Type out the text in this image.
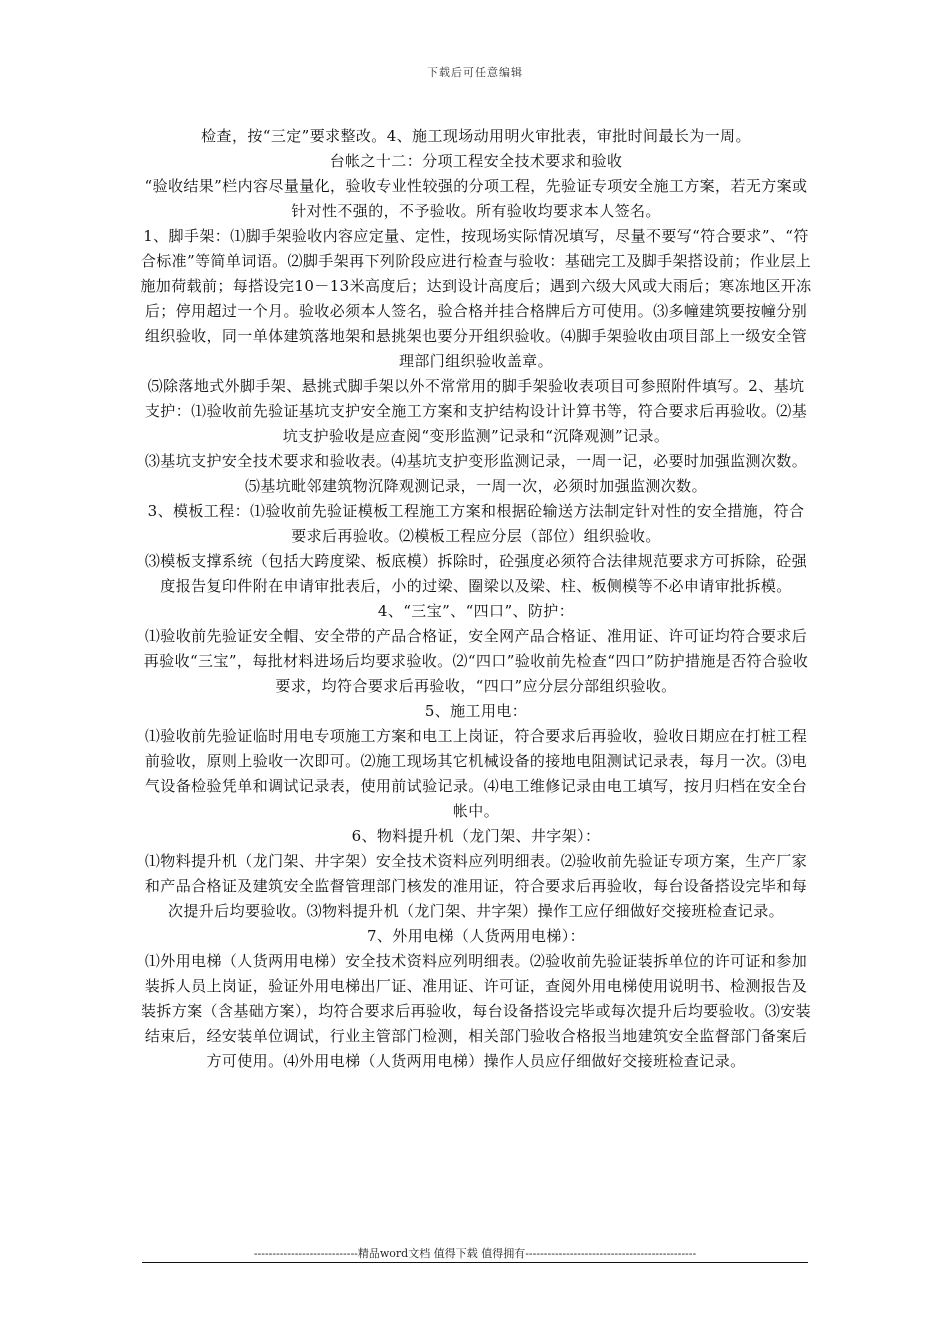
下载后可任意编辑

检查，按“三定”要求整改。4、施工现场动用明火审批表，审批时间最长为一周。

台帐之十二：分项工程安全技术要求和验收

“验收结果”栏内容尽量量化，验收专业性较强的分项工程，先验证专项安全施工方案，若无方案或针对性不强的，不予验收。所有验收均要求本人签名。

1、脚手架：⑴脚手架验收内容应定量、定性，按现场实际情况填写，尽量不要写“符合要求”、“符合标准”等简单词语。⑵脚手架再下列阶段应进行检查与验收：基础完工及脚手架搭设前；作业层上施加荷载前；每搭设完10－13米高度后；达到设计高度后；遇到六级大风或大雨后；寒冻地区开冻后；停用超过一个月。验收必须本人签名，验合格并挂合格牌后方可使用。⑶多幢建筑要按幢分别组织验收，同一单体建筑落地架和悬挑架也要分开组织验收。⑷脚手架验收由项目部上一级安全管理部门组织验收盖章。

⑸除落地式外脚手架、悬挑式脚手架以外不常常用的脚手架验收表项目可参照附件填写。2、基坑支护：⑴验收前先验证基坑支护安全施工方案和支护结构设计计算书等，符合要求后再验收。⑵基坑支护验收是应查阅“变形监测”记录和“沉降观测”记录。

⑶基坑支护安全技术要求和验收表。⑷基坑支护变形监测记录，一周一记，必要时加强监测次数。⑸基坑毗邻建筑物沉降观测记录，一周一次，必须时加强监测次数。

3、模板工程：⑴验收前先验证模板工程施工方案和根据砼输送方法制定针对性的安全措施，符合要求后再验收。⑵模板工程应分层（部位）组织验收。

⑶模板支撑系统（包括大跨度梁、板底模）拆除时，砼强度必须符合法律规范要求方可拆除，砼强度报告复印件附在申请审批表后，小的过梁、圈梁以及梁、柱、板侧模等不必申请审批拆模。

4、“三宝”、“四口”、防护：

⑴验收前先验证安全帽、安全带的产品合格证，安全网产品合格证、准用证、许可证均符合要求后再验收“三宝”，每批材料进场后均要求验收。⑵“四口”验收前先检查“四口”防护措施是否符合验收要求，均符合要求后再验收，“四口”应分层分部组织验收。

5、施工用电：

⑴验收前先验证临时用电专项施工方案和电工上岗证，符合要求后再验收，验收日期应在打桩工程前验收，原则上验收一次即可。⑵施工现场其它机械设备的接地电阻测试记录表，每月一次。⑶电气设备检验凭单和调试记录表，使用前试验记录。⑷电工维修记录由电工填写，按月归档在安全台帐中。

6、物料提升机（龙门架、井字架）：

⑴物料提升机（龙门架、井字架）安全技术资料应列明细表。⑵验收前先验证专项方案，生产厂家和产品合格证及建筑安全监督管理部门核发的准用证，符合要求后再验收，每台设备搭设完毕和每次提升后均要验收。⑶物料提升机（龙门架、井字架）操作工应仔细做好交接班检查记录。

7、外用电梯（人货两用电梯）：

⑴外用电梯（人货两用电梯）安全技术资料应列明细表。⑵验收前先验证装拆单位的许可证和参加装拆人员上岗证，验证外用电梯出厂证、准用证、许可证，查阅外用电梯使用说明书、检测报告及装拆方案（含基础方案），均符合要求后再验收，每台设备搭设完毕或每次提升后均要验收。⑶安装结束后，经安装单位调试，行业主管部门检测，相关部门验收合格报当地建筑安全监督部门备案后方可使用。⑷外用电梯（人货两用电梯）操作人员应仔细做好交接班检查记录。

----------------------------精品word文档 值得下载 值得拥有----------------------------------------------
